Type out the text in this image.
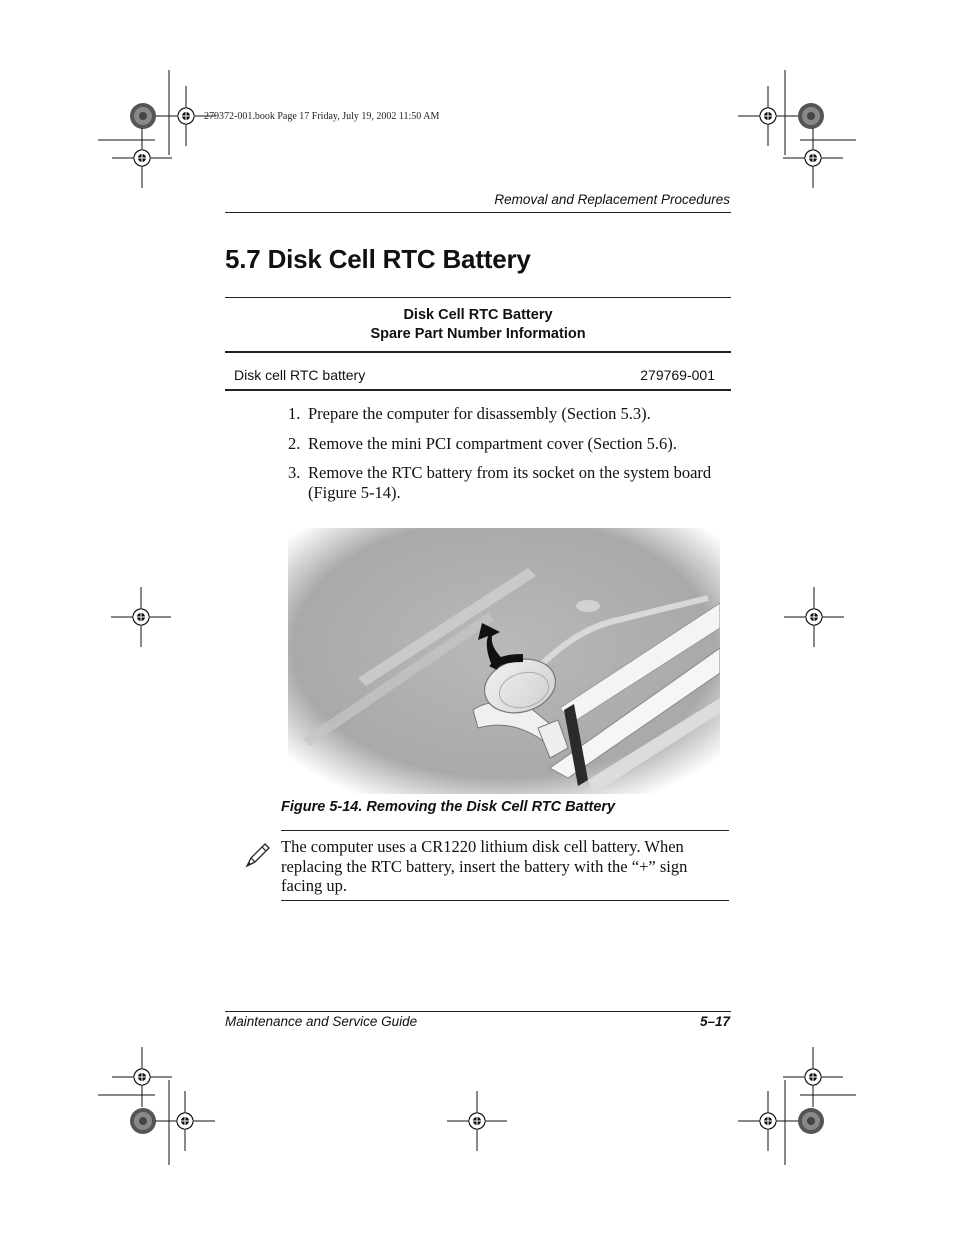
279372-001.book Page 17 Friday, July 19, 2002 11:50 AM
Removal and Replacement Procedures
5.7 Disk Cell RTC Battery
Disk Cell RTC Battery
Spare Part Number Information
Disk cell RTC battery	279769-001
1. Prepare the computer for disassembly (Section 5.3).
2. Remove the mini PCI compartment cover (Section 5.6).
3. Remove the RTC battery from its socket on the system board (Figure 5-14).
Figure 5-14. Removing the Disk Cell RTC Battery
The computer uses a CR1220 lithium disk cell battery. When replacing the RTC battery, insert the battery with the “+” sign facing up.
Maintenance and Service Guide	5–17
